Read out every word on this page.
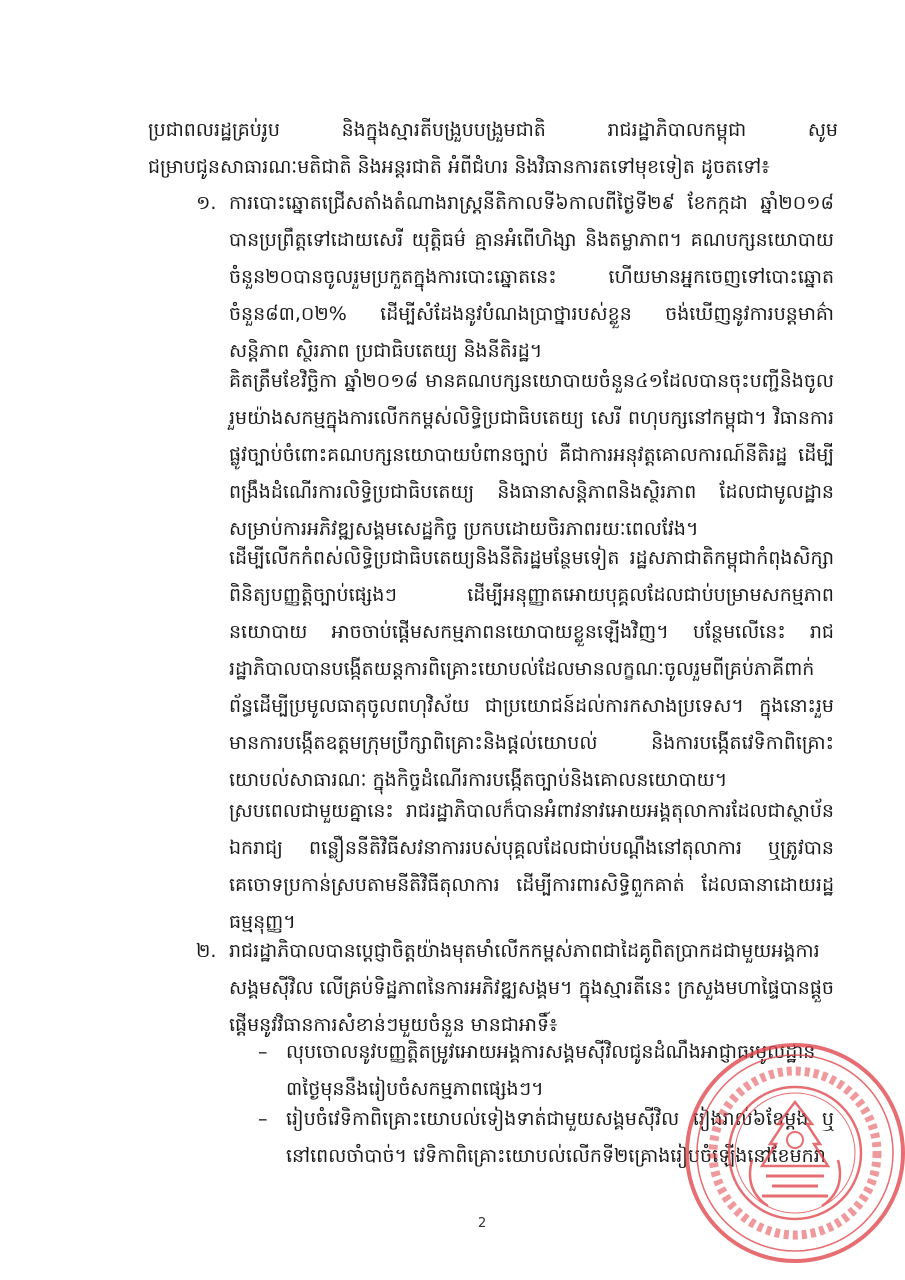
ប្រជាពលរដ្ឋគ្រប់រូប និងក្នុងស្មារតីបង្រួបបង្រួមជាតិ រាជរដ្ឋាភិបាលកម្ពុជា សូមជម្រាបជូនសាធារណៈមតិជាតិ និងអន្តរជាតិ អំពីជំហរ និងវិធានការតទៅមុខទៀត ដូចតទៅ៖
១. ការបោះឆ្នោតជ្រើសតាំងតំណាងរាស្ត្រនីតិកាលទី៦កាលពីថ្ងៃទី២៩ ខែកក្កដា ឆ្នាំ២០១៨ បានប្រព្រឹត្តទៅដោយសេរី យុត្តិធម៌ គ្មានអំពើហិង្សា និងតម្លាភាព។ គណបក្សនយោបាយចំនួន២០បានចូលរួមប្រកួតក្នុងការបោះឆ្នោតនេះ ហើយមានអ្នកចេញទៅបោះឆ្នោតចំនួន៨៣,០២% ដើម្បីសំដែងនូវបំណងប្រាថ្នារបស់ខ្លួន ចង់ឃើញនូវការបន្តមាគ៌ាសន្តិភាព ស្ថិរភាព ប្រជាធិបតេយ្យ និងនីតិរដ្ឋ។
គិតត្រឹមខែវិច្ឆិកា ឆ្នាំ២០១៨ មានគណបក្សនយោបាយចំនួន៤១ដែលបានចុះបញ្ជីនិងចូលរួមយ៉ាងសកម្មក្នុងការលើកកម្ពស់លិទ្ធិប្រជាធិបតេយ្យ សេរី ពហុបក្សនៅកម្ពុជា។ វិធានការផ្លូវច្បាប់ចំពោះគណបក្សនយោបាយបំពានច្បាប់ គឺជាការអនុវត្តគោលការណ៍នីតិរដ្ឋ ដើម្បីពង្រឹងដំណើរការលិទ្ធិប្រជាធិបតេយ្យ និងធានាសន្តិភាពនិងស្ថិរភាព ដែលជាមូលដ្ឋានសម្រាប់ការអភិវឌ្ឍសង្គមសេដ្ឋកិច្ច ប្រកបដោយចិរភាពរយៈពេលវែង។
ដើម្បីលើកកំពស់លិទ្ធិប្រជាធិបតេយ្យនិងនីតិរដ្ឋមន្ថែមទៀត រដ្ឋសភាជាតិកម្ពុជាកំពុងសិក្សាពិនិត្យបញ្ញត្តិច្បាប់ផ្សេងៗ ដើម្បីអនុញ្ញាតអោយបុគ្គលដែលជាប់បម្រាមសកម្មភាពនយោបាយ អាចចាប់ផ្តើមសកម្មភាពនយោបាយខ្លួនឡើងវិញ។ បន្ថែមលើនេះ រាជរដ្ឋាភិបាលបានបង្កើតយន្តការពិគ្រោះយោបល់ដែលមានលក្ខណៈចូលរួមពីគ្រប់ភាគីពាក់ព័ន្ធដើម្បីប្រមូលធាតុចូលពហុវិស័យ ជាប្រយោជន៍ដល់ការកសាងប្រទេស។ ក្នុងនោះរួមមានការបង្កើតឧត្តមក្រុមប្រឹក្សាពិគ្រោះនិងផ្តល់យោបល់ និងការបង្កើតវេទិកាពិគ្រោះយោបល់សាធារណៈ ក្នុងកិច្ចដំណើរការបង្កើតច្បាប់និងគោលនយោបាយ។
ស្របពេលជាមួយគ្នានេះ រាជរដ្ឋាភិបាលក៏បានអំពាវនាវអោយអង្គតុលាការដែលជាស្ថាប័នឯករាជ្យ ពន្លឿននីតិវិធីសវនាការរបស់បុគ្គលដែលជាប់បណ្តឹងនៅតុលាការ ឬត្រូវបានគេចោទប្រកាន់ស្របតាមនីតិវិធីតុលាការ ដើម្បីការពារសិទ្ធិពួកគាត់ ដែលធានាដោយរដ្ឋធម្មនុញ្ញ។
២. រាជរដ្ឋាភិបាលបានប្តេជ្ញាចិត្តយ៉ាងមុតមាំលើកកម្ពស់ភាពជាដៃគូពិតប្រាកដជាមួយអង្គការសង្គមស៊ីវិល លើគ្រប់ទិដ្ឋភាពនៃការអភិវឌ្ឍសង្គម។ ក្នុងស្មារតីនេះ ក្រសួងមហាផ្ទៃបានផ្តួចផ្តើមនូវវិធានការសំខាន់ៗមួយចំនួន មានជាអាទិ៍៖
– លុបចោលនូវបញ្ញត្តិតម្រូវអោយអង្គការសង្គមស៊ីវិលជូនដំណឹងអាជ្ញាធរមូលដ្ឋាន ៣ថ្ងៃមុននឹងរៀបចំសកម្មភាពផ្សេងៗ។
– រៀបចំវេទិកាពិគ្រោះយោបល់ទៀងទាត់ជាមួយសង្គមស៊ីវិល រៀងរាល់៦ខែម្តង ឬនៅពេលចាំបាច់។ វេទិកាពិគ្រោះយោបល់លើកទី២គ្រោងរៀបចំឡើងនៅខែមករា
2
